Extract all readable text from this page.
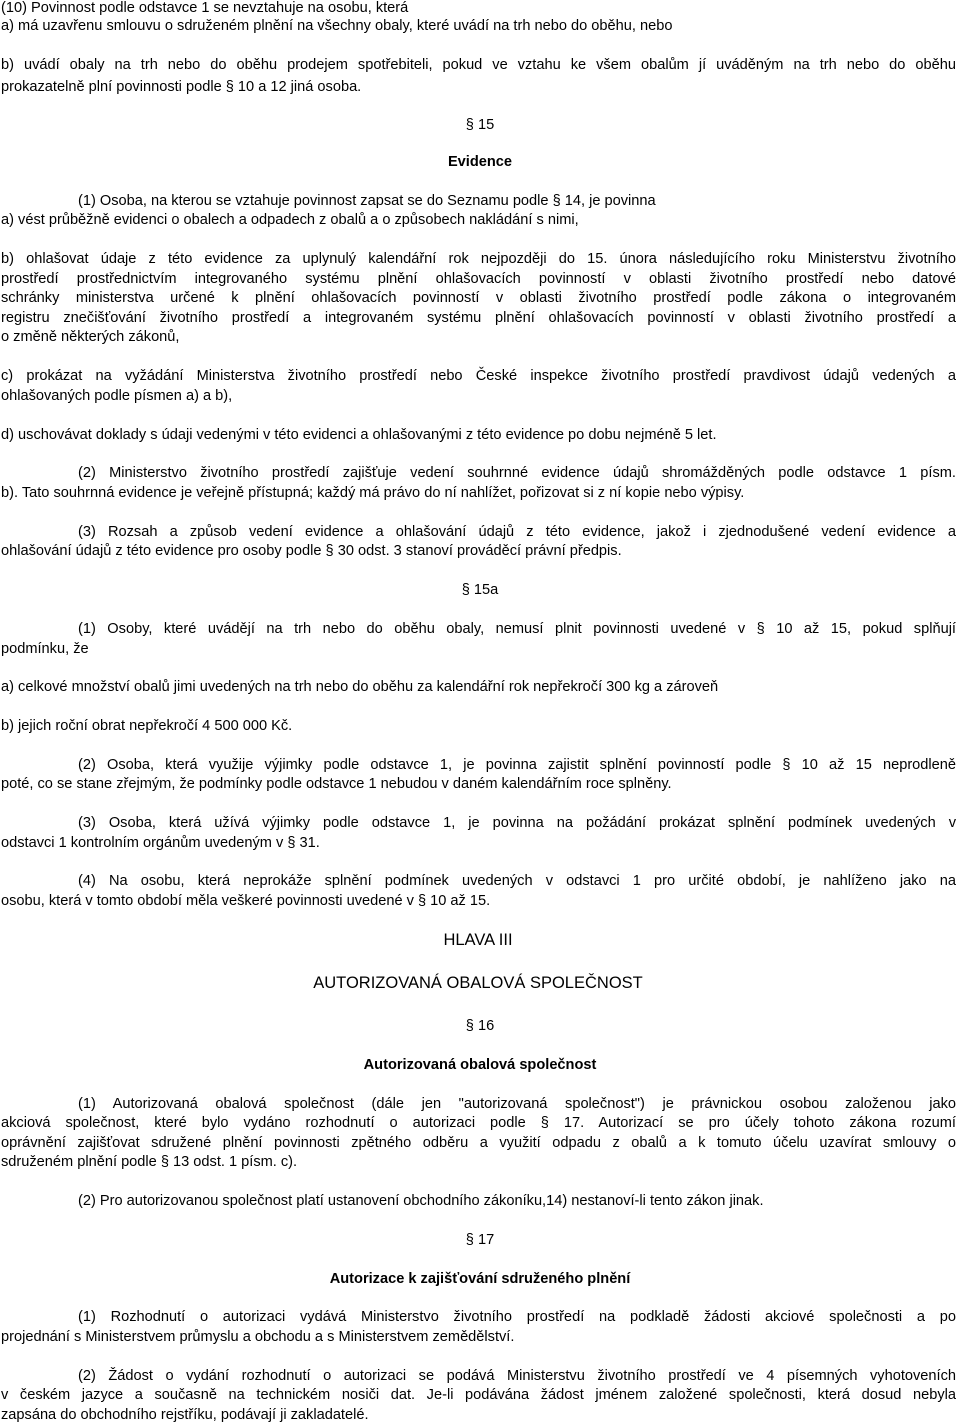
(10) Povinnost podle odstavce 1 se nevztahuje na osobu, která
a) má uzavřenu smlouvu o sdruženém plnění na všechny obaly, které uvádí na trh nebo do oběhu, nebo
b) uvádí obaly na trh nebo do oběhu prodejem spotřebiteli, pokud ve vztahu ke všem obalům jí uváděným na trh nebo do oběhu
prokazatelně plní povinnosti podle § 10 a 12 jiná osoba.
§ 15
Evidence
(1) Osoba, na kterou se vztahuje povinnost zapsat se do Seznamu podle § 14, je povinna
a) vést průběžně evidenci o obalech a odpadech z obalů a o způsobech nakládání s nimi,
b) ohlašovat údaje z této evidence za uplynulý kalendářní rok nejpozději do 15. února následujícího roku Ministerstvu životního
prostředí prostřednictvím integrovaného systému plnění ohlašovacích povinností v oblasti životního prostředí nebo datové
schránky ministerstva určené k plnění ohlašovacích povinností v oblasti životního prostředí podle zákona o integrovaném
registru znečišťování životního prostředí a integrovaném systému plnění ohlašovacích povinností v oblasti životního prostředí a
o změně některých zákonů,
c) prokázat na vyžádání Ministerstva životního prostředí nebo České inspekce životního prostředí pravdivost údajů vedených a
ohlašovaných podle písmen a) a b),
d) uschovávat doklady s údaji vedenými v této evidenci a ohlašovanými z této evidence po dobu nejméně 5 let.
(2) Ministerstvo životního prostředí zajišťuje vedení souhrnné evidence údajů shromážděných podle odstavce 1 písm.
b). Tato souhrnná evidence je veřejně přístupná; každý má právo do ní nahlížet, pořizovat si z ní kopie nebo výpisy.
(3) Rozsah a způsob vedení evidence a ohlašování údajů z této evidence, jakož i zjednodušené vedení evidence a
ohlašování údajů z této evidence pro osoby podle § 30 odst. 3 stanoví prováděcí právní předpis.
§ 15a
(1) Osoby, které uvádějí na trh nebo do oběhu obaly, nemusí plnit povinnosti uvedené v § 10 až 15, pokud splňují
podmínku, že
a) celkové množství obalů jimi uvedených na trh nebo do oběhu za kalendářní rok nepřekročí 300 kg a zároveň
b) jejich roční obrat nepřekročí 4 500 000 Kč.
(2) Osoba, která využije výjimky podle odstavce 1, je povinna zajistit splnění povinností podle § 10 až 15 neprodleně
poté, co se stane zřejmým, že podmínky podle odstavce 1 nebudou v daném kalendářním roce splněny.
(3) Osoba, která užívá výjimky podle odstavce 1, je povinna na požádání prokázat splnění podmínek uvedených v
odstavci 1 kontrolním orgánům uvedeným v § 31.
(4) Na osobu, která neprokáže splnění podmínek uvedených v odstavci 1 pro určité období, je nahlíženo jako na
osobu, která v tomto období měla veškeré povinnosti uvedené v § 10 až 15.
HLAVA III
AUTORIZOVANÁ OBALOVÁ SPOLEČNOST
§ 16
Autorizovaná obalová společnost
(1) Autorizovaná obalová společnost (dále jen "autorizovaná společnost") je právnickou osobou založenou jako
akciová společnost, které bylo vydáno rozhodnutí o autorizaci podle § 17. Autorizací se pro účely tohoto zákona rozumí
oprávnění zajišťovat sdružené plnění povinnosti zpětného odběru a využití odpadu z obalů a k tomuto účelu uzavírat smlouvy o
sdruženém plnění podle § 13 odst. 1 písm. c).
(2) Pro autorizovanou společnost platí ustanovení obchodního zákoníku,14) nestanoví-li tento zákon jinak.
§ 17
Autorizace k zajišťování sdruženého plnění
(1) Rozhodnutí o autorizaci vydává Ministerstvo životního prostředí na podkladě žádosti akciové společnosti a po
projednání s Ministerstvem průmyslu a obchodu a s Ministerstvem zemědělství.
(2) Žádost o vydání rozhodnutí o autorizaci se podává Ministerstvu životního prostředí ve 4 písemných vyhotoveních
v českém jazyce a současně na technickém nosiči dat. Je-li podávána žádost jménem založené společnosti, která dosud nebyla
zapsána do obchodního rejstříku, podávají ji zakladatelé.
